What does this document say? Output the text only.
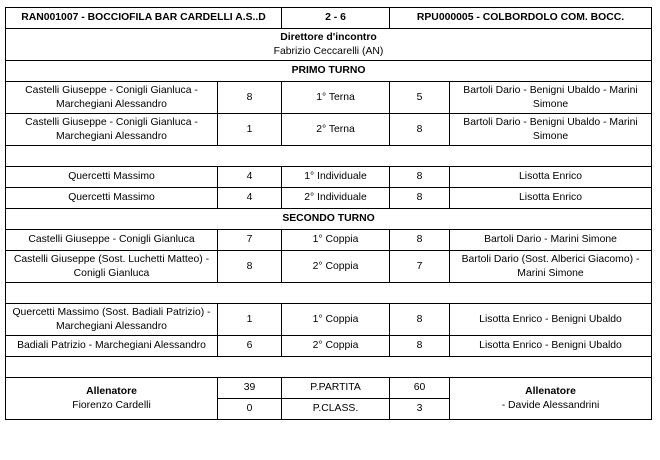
RAN001007 - BOCCIOFILA BAR CARDELLI A.S..D		2 - 6	RPU000005 - COLBORDOLO COM. BOCC.	

Direttore d'incontro
Fabrizio Ceccarelli (AN)				

PRIMO TURNO				
Castelli Giuseppe - Conigli Gianluca - Marchegiani Alessandro	8	1° Terna	5	Bartoli Dario - Benigni Ubaldo - Marini Simone
Castelli Giuseppe - Conigli Gianluca - Marchegiani Alessandro	1	2° Terna	8	Bartoli Dario - Benigni Ubaldo - Marini Simone

Quercetti Massimo	4	1° Individuale	8	Lisotta Enrico
Quercetti Massimo	4	2° Individuale	8	Lisotta Enrico
SECONDO TURNO				
Castelli Giuseppe - Conigli Gianluca	7	1° Coppia	8	Bartoli Dario - Marini Simone
Castelli Giuseppe (Sost. Luchetti Matteo) - Conigli Gianluca	8	2° Coppia	7	Bartoli Dario (Sost. Alberici Giacomo) - Marini Simone

Quercetti Massimo (Sost. Badiali Patrizio) - Marchegiani Alessandro	1	1° Coppia	8	Lisotta Enrico - Benigni Ubaldo
Badiali Patrizio - Marchegiani Alessandro	6	2° Coppia	8	Lisotta Enrico - Benigni Ubaldo

Allenatore
Fiorenzo Cardelli	39	P.PARTITA	60	Allenatore
- Davide Alessandrini

	0	P.CLASS.	3	
